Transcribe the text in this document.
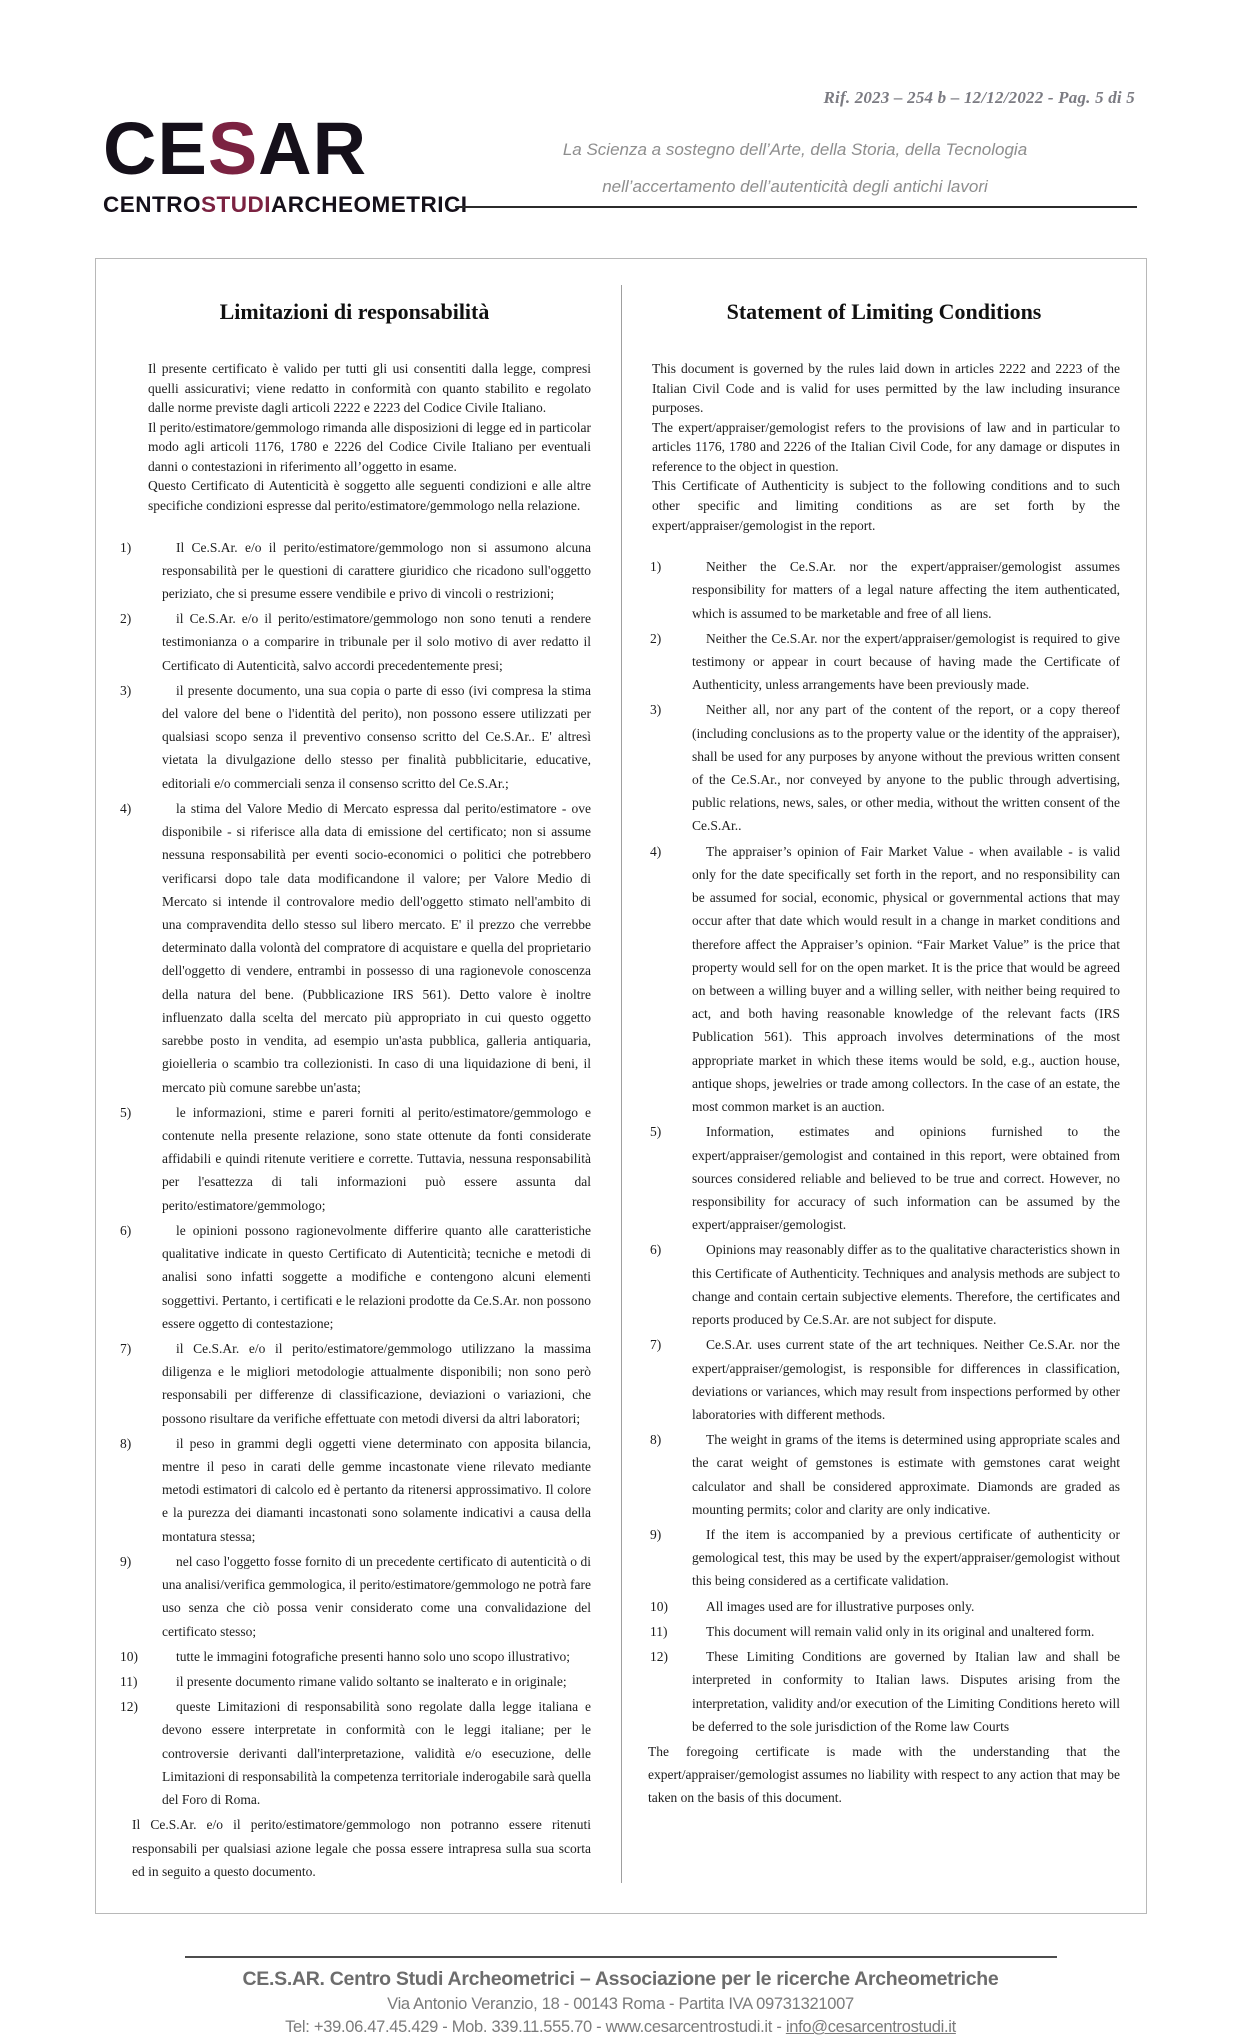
Rif. 2023 – 254 b – 12/12/2022 - Pag. 5 di 5
CESAR
CENTROSTUDIARCHEOMETRICI
La Scienza a sostegno dell’Arte, della Storia, della Tecnologia
nell’accertamento dell’autenticità degli antichi lavori
Limitazioni di responsabilità

Il presente certificato è valido per tutti gli usi consentiti dalla legge, compresi quelli assicurativi; viene redatto in conformità con quanto stabilito e regolato dalle norme previste dagli articoli 2222 e 2223 del Codice Civile Italiano.

Il perito/estimatore/gemmologo rimanda alle disposizioni di legge ed in particolar modo agli articoli 1176, 1780 e 2226 del Codice Civile Italiano per eventuali danni o contestazioni in riferimento all’oggetto in esame.

Questo Certificato di Autenticità è soggetto alle seguenti condizioni e alle altre specifiche condizioni espresse dal perito/estimatore/gemmologo nella relazione.

1)	Il Ce.S.Ar. e/o il perito/estimatore/gemmologo non si assumono alcuna responsabilità per le questioni di carattere giuridico che ricadono sull'oggetto periziato, che si presume essere vendibile e privo di vincoli o restrizioni;
2)	il Ce.S.Ar. e/o il perito/estimatore/gemmologo non sono tenuti a rendere testimonianza o a comparire in tribunale per il solo motivo di aver redatto il Certificato di Autenticità, salvo accordi precedentemente presi;
3)	il presente documento, una sua copia o parte di esso (ivi compresa la stima del valore del bene o l'identità del perito), non possono essere utilizzati per qualsiasi scopo senza il preventivo consenso scritto del Ce.S.Ar.. E' altresì vietata la divulgazione dello stesso per finalità pubblicitarie, educative, editoriali e/o commerciali senza il consenso scritto del Ce.S.Ar.;
4)	la stima del Valore Medio di Mercato espressa dal perito/estimatore - ove disponibile - si riferisce alla data di emissione del certificato; non si assume nessuna responsabilità per eventi socio-economici o politici che potrebbero verificarsi dopo tale data modificandone il valore; per Valore Medio di Mercato si intende il controvalore medio dell'oggetto stimato nell'ambito di una compravendita dello stesso sul libero mercato. E' il prezzo che verrebbe determinato dalla volontà del compratore di acquistare e quella del proprietario dell'oggetto di vendere, entrambi in possesso di una ragionevole conoscenza della natura del bene. (Pubblicazione IRS 561). Detto valore è inoltre influenzato dalla scelta del mercato più appropriato in cui questo oggetto sarebbe posto in vendita, ad esempio un'asta pubblica, galleria antiquaria, gioielleria o scambio tra collezionisti. In caso di una liquidazione di beni, il mercato più comune sarebbe un'asta;
5)	le informazioni, stime e pareri forniti al perito/estimatore/gemmologo e contenute nella presente relazione, sono state ottenute da fonti considerate affidabili e quindi ritenute veritiere e corrette. Tuttavia, nessuna responsabilità per l'esattezza di tali informazioni può essere assunta dal perito/estimatore/gemmologo;
6)	le opinioni possono ragionevolmente differire quanto alle caratteristiche qualitative indicate in questo Certificato di Autenticità; tecniche e metodi di analisi sono infatti soggette a modifiche e contengono alcuni elementi soggettivi. Pertanto, i certificati e le relazioni prodotte da Ce.S.Ar. non possono essere oggetto di contestazione;
7)	il Ce.S.Ar. e/o il perito/estimatore/gemmologo utilizzano la massima diligenza e le migliori metodologie attualmente disponibili; non sono però responsabili per differenze di classificazione, deviazioni o variazioni, che possono risultare da verifiche effettuate con metodi diversi da altri laboratori;
8)	il peso in grammi degli oggetti viene determinato con apposita bilancia, mentre il peso in carati delle gemme incastonate viene rilevato mediante metodi estimatori di calcolo ed è pertanto da ritenersi approssimativo. Il colore e la purezza dei diamanti incastonati sono solamente indicativi a causa della montatura stessa;
9)	nel caso l'oggetto fosse fornito di un precedente certificato di autenticità o di una analisi/verifica gemmologica, il perito/estimatore/gemmologo ne potrà fare uso senza che ciò possa venir considerato come una convalidazione del certificato stesso;
10)	tutte le immagini fotografiche presenti hanno solo uno scopo illustrativo;
11)	il presente documento rimane valido soltanto se inalterato e in originale;
12)	queste Limitazioni di responsabilità sono regolate dalla legge italiana e devono essere interpretate in conformità con le leggi italiane; per le controversie derivanti dall'interpretazione, validità e/o esecuzione, delle Limitazioni di responsabilità la competenza territoriale inderogabile sarà quella del Foro di Roma.
Il Ce.S.Ar. e/o il perito/estimatore/gemmologo non potranno essere ritenuti responsabili per qualsiasi azione legale che possa essere intrapresa sulla sua scorta ed in seguito a questo documento.
Statement of Limiting Conditions

This document is governed by the rules laid down in articles 2222 and 2223 of the Italian Civil Code and is valid for uses permitted by the law including insurance purposes.

The expert/appraiser/gemologist refers to the provisions of law and in particular to articles 1176, 1780 and 2226 of the Italian Civil Code, for any damage or disputes in reference to the object in question.

This Certificate of Authenticity is subject to the following conditions and to such other specific and limiting conditions as are set forth by the expert/appraiser/gemologist in the report.

1)	Neither the Ce.S.Ar. nor the expert/appraiser/gemologist assumes responsibility for matters of a legal nature affecting the item authenticated, which is assumed to be marketable and free of all liens.
2)	Neither the Ce.S.Ar. nor the expert/appraiser/gemologist is required to give testimony or appear in court because of having made the Certificate of Authenticity, unless arrangements have been previously made.
3)	Neither all, nor any part of the content of the report, or a copy thereof (including conclusions as to the property value or the identity of the appraiser), shall be used for any purposes by anyone without the previous written consent of the Ce.S.Ar., nor conveyed by anyone to the public through advertising, public relations, news, sales, or other media, without the written consent of the Ce.S.Ar..
4)	The appraiser’s opinion of Fair Market Value - when available - is valid only for the date specifically set forth in the report, and no responsibility can be assumed for social, economic, physical or governmental actions that may occur after that date which would result in a change in market conditions and therefore affect the Appraiser’s opinion. “Fair Market Value” is the price that property would sell for on the open market. It is the price that would be agreed on between a willing buyer and a willing seller, with neither being required to act, and both having reasonable knowledge of the relevant facts (IRS Publication 561). This approach involves determinations of the most appropriate market in which these items would be sold, e.g., auction house, antique shops, jewelries or trade among collectors. In the case of an estate, the most common market is an auction.
5)	Information, estimates and opinions furnished to the expert/appraiser/gemologist and contained in this report, were obtained from sources considered reliable and believed to be true and correct. However, no responsibility for accuracy of such information can be assumed by the expert/appraiser/gemologist.
6)	Opinions may reasonably differ as to the qualitative characteristics shown in this Certificate of Authenticity. Techniques and analysis methods are subject to change and contain certain subjective elements. Therefore, the certificates and reports produced by Ce.S.Ar. are not subject for dispute.
7)	Ce.S.Ar. uses current state of the art techniques. Neither Ce.S.Ar. nor the expert/appraiser/gemologist, is responsible for differences in classification, deviations or variances, which may result from inspections performed by other laboratories with different methods.
8)	The weight in grams of the items is determined using appropriate scales and the carat weight of gemstones is estimate with gemstones carat weight calculator and shall be considered approximate. Diamonds are graded as mounting permits; color and clarity are only indicative.
9)	If the item is accompanied by a previous certificate of authenticity or gemological test, this may be used by the expert/appraiser/gemologist without this being considered as a certificate validation.
10)	All images used are for illustrative purposes only.
11)	This document will remain valid only in its original and unaltered form.
12)	These Limiting Conditions are governed by Italian law and shall be interpreted in conformity to Italian laws. Disputes arising from the interpretation, validity and/or execution of the Limiting Conditions hereto will be deferred to the sole jurisdiction of the Rome law Courts
The foregoing certificate is made with the understanding that the expert/appraiser/gemologist assumes no liability with respect to any action that may be taken on the basis of this document.
CE.S.AR. Centro Studi Archeometrici – Associazione per le ricerche Archeometriche
Via Antonio Veranzio, 18 - 00143 Roma - Partita IVA 09731321007
Tel: +39.06.47.45.429 - Mob. 339.11.555.70 - www.cesarcentrostudi.it - info@cesarcentrostudi.it
